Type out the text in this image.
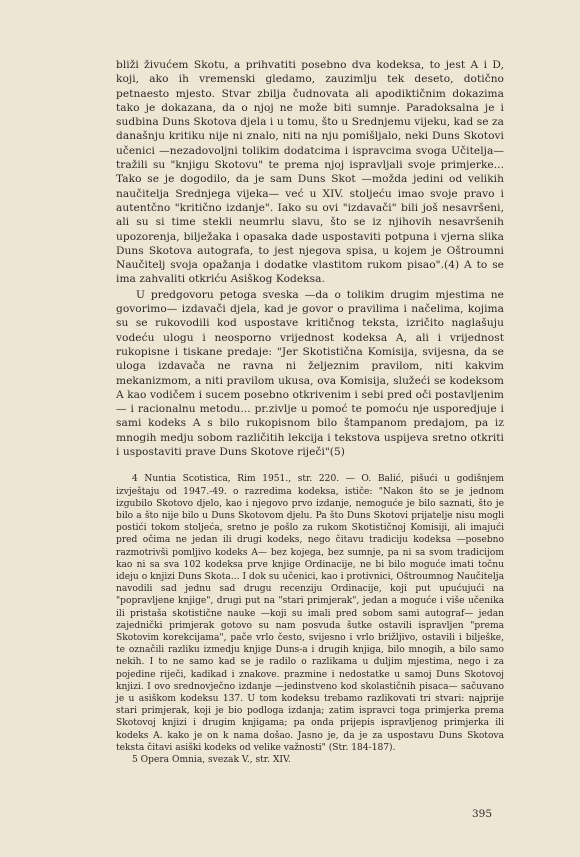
bliži živućem Skotu, a prihvatiti posebno dva kodeksa, to jest A i D, koji, ako ih vremenski gledamo, zauzimlju tek deseto, dotično petnaesto mjesto. Stvar zbilja čudnovata ali apodiktičnim dokazima tako je dokazana, da o njoj ne može biti sumnje. Paradoksalna je i sudbina Duns Skotova djela i u tomu, što u Srednjemu vijeku, kad se za današnju kritiku nije ni znalo, niti na nju pomišljalo, neki Duns Skotovi učenici —nezadovoljni tolikim dodatcima i ispravcima svoga Učitelja— tražili su "knjigu Skotovu" te prema njoj ispravljali svoje primjerke... Tako se je dogodilo, da je sam Duns Skot —možda jedini od velikih naučitelja Srednjega vijeka— već u XIV. stoljeću imao svoje pravo i autentčno "kritično izdanje". Iako su ovi "izdavači" bili još nesavršeni, ali su si time stekli neumrlu slavu, što se iz njihovih nesavršenih upozorenja, bilježaka i opasaka dade uspostaviti potpuna i vjerna slika Duns Skotova autografa, to jest njegova spisa, u kojem je Oštroumni Naučitelj svoja opažanja i dodatke vlastitom rukom pisao".(4) A to se ima zahvaliti otkriću Asiškog Kodeksa.

U predgovoru petoga sveska —da o tolikim drugim mjestima ne govorimo— izdavači djela, kad je govor o pravilima i načelima, kojima su se rukovodili kod uspostave kritičnog teksta, izričito naglašuju vodeću ulogu i neosporno vrijednost kodeksa A, ali i vrijednost rukopisne i tiskane predaje: "Jer Skotistična Komisija, svijesna, da se uloga izdavača ne ravna ni željeznim pravilom, niti kakvim mekanizmom, a niti pravilom ukusa, ova Komisija, služeći se kodeksom A kao vodičem i sucem posebno otkrivenim i sebi pred oči postavljenim — i racionalnu metodu... pr.zivlje u pomoć te pomoću nje usporedjuje i sami kodeks A s bilo rukopisnom bilo štampanom predajom, pa iz mnogih medju sobom različitih lekcija i tekstova uspijeva sretno otkriti i uspostaviti prave Duns Skotove riječi"(5)

4 Nuntia Scotistica, Rim 1951., str. 220. — O. Balić, pišući u godišnjem izvještaju od 1947.-49. o razredima kodeksa, ističe: "Nakon što se je jednom izgubilo Skotovo djelo, kao i njegovo prvo izdanje, nemoguće je bilo saznati, što je bilo a što nije bilo u Duns Skotovom djelu. Pa što Duns Skotovi prijatelje nisu mogli postići tokom stoljeća, sretno je pošlo za rukom Skotističnoj Komisiji, ali imajući pred očima ne jedan ili drugi kodeks, nego čitavu tradiciju kodeksa —posebno razmotrivši pomljivo kodeks A— bez kojega, bez sumnje, pa ni sa svom tradicijom kao ni sa sva 102 kodeksa prve knjige Ordinacije, ne bi bilo moguće imati točnu ideju o knjizi Duns Skota... I dok su učenici, kao i protivnici, Oštroumnog Naučitelja navodili sad jednu sad drugu recenziju Ordinacije, koji put upućujući na "popravljene knjige", drugi put na "stari primjerak", jedan a moguće i više učenika ili pristaša skotistične nauke —koji su imali pred sobom sami autograf— jedan zajednički primjerak gotovo su nam posvuda šutke ostavili ispravljen "prema Skotovim korekcijama", pače vrlo često, svijesno i vrlo brižljivo, ostavili i bilješke, te označili razliku izmedju knjige Duns-a i drugih knjiga, bilo mnogih, a bilo samo nekih. I to ne samo kad se je radilo o razlikama u duljim mjestima, nego i za pojedine riječi, kadikad i znakove. prazmine i nedostatke u samoj Duns Skotovoj knjizi. I ovo srednovječno izdanje —jedinstveno kod skolastičnih pisaca— sačuvano je u asiškom kodeksu 137. U tom kodeksu trebamo razlikovati tri stvari: najprije stari primjerak, koji je bio podloga izdanja; zatim ispravci toga primjerka prema Skotovoj knjizi i drugim knjigama; pa onda prijepis ispravljenog primjerka ili kodeks A. kako je on k nama došao. Jasno je, da je za uspostavu Duns Skotova teksta čitavi asiški kodeks od velike važnosti" (Str. 184-187).

5 Opera Omnia, svezak V., str. XIV.

395
